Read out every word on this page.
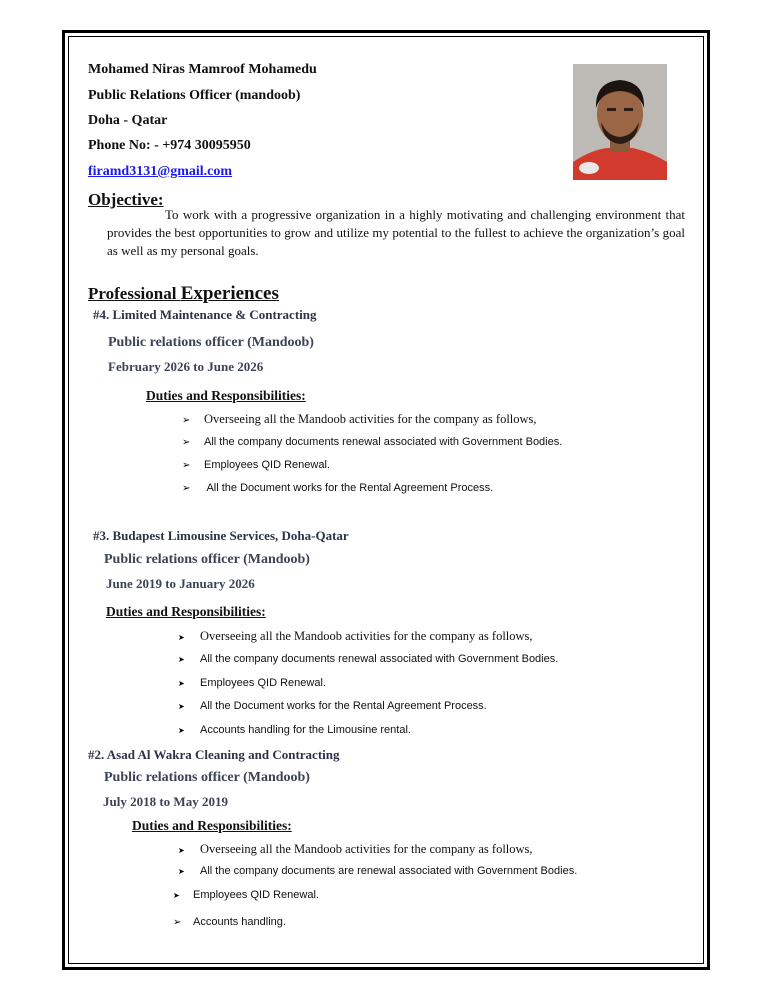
Mohamed Niras Mamroof Mohamedu
Public Relations Officer (mandoob)
Doha - Qatar
Phone No: - +974 30095950
firamd3131@gmail.com
Objective:
To work with a progressive organization in a highly motivating and challenging environment that provides the best opportunities to grow and utilize my potential to the fullest to achieve the organization’s goal as well as my personal goals.
Professional Experiences
#4. Limited Maintenance & Contracting
Public relations officer (Mandoob)
February 2026 to June 2026
Duties and Responsibilities:
➢ Overseeing all the Mandoob activities for the company as follows,
➢ All the company documents renewal associated with Government Bodies.
➢ Employees QID Renewal.
➢ All the Document works for the Rental Agreement Process.
#3. Budapest Limousine Services, Doha-Qatar
Public relations officer (Mandoob)
June 2019 to January 2026
Duties and Responsibilities:
➤ Overseeing all the Mandoob activities for the company as follows,
➤ All the company documents renewal associated with Government Bodies.
➤ Employees QID Renewal.
➤ All the Document works for the Rental Agreement Process.
➤ Accounts handling for the Limousine rental.
#2. Asad Al Wakra Cleaning and Contracting
Public relations officer (Mandoob)
July 2018 to May 2019
Duties and Responsibilities:
➤ Overseeing all the Mandoob activities for the company as follows,
➤ All the company documents are renewal associated with Government Bodies.
➤ Employees QID Renewal.
➢ Accounts handling.
